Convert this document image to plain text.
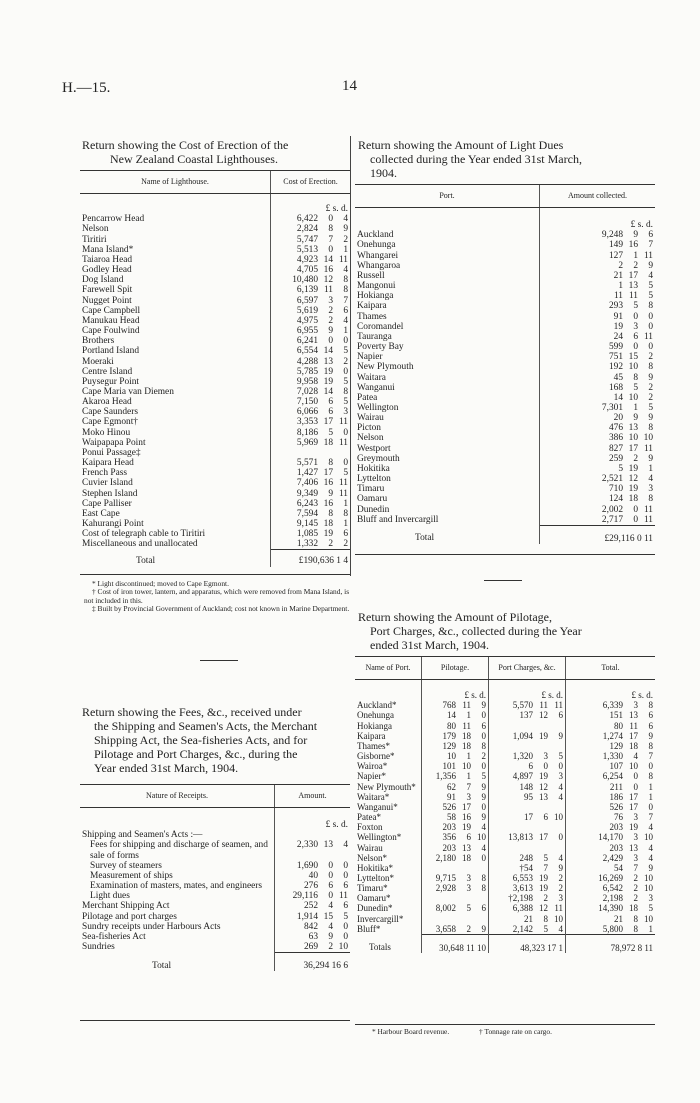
H.—15.	14
Return showing the Cost of Erection of the
New Zealand Coastal Lighthouses.
Name of Lighthouse.	Cost of Erection.
	£ s. d.
Pencarrow Head	6,422 0 4
Nelson	2,824 8 9
Tiritiri	5,747 7 2
Mana Island*	5,513 0 1
Taiaroa Head	4,923 14 11
Godley Head	4,705 16 4
Dog Island	10,480 12 8
Farewell Spit	6,139 11 8
Nugget Point	6,597 3 7
Cape Campbell	5,619 2 6
Manukau Head	4,975 2 4
Cape Foulwind	6,955 9 1
Brothers	6,241 0 0
Portland Island	6,554 14 5
Moeraki	4,288 13 2
Centre Island	5,785 19 0
Puysegur Point	9,958 19 5
Cape Maria van Diemen	7,028 14 8
Akaroa Head	7,150 6 5
Cape Saunders	6,066 6 3
Cape Egmont†	3,353 17 11
Moko Hinou	8,186 5 0
Waipapapa Point	5,969 18 11
Ponui Passage‡	
Kaipara Head	5,571 8 0
French Pass	1,427 17 5
Cuvier Island	7,406 16 11
Stephen Island	9,349 9 11
Cape Palliser	6,243 16 1
East Cape	7,594 8 8
Kahurangi Point	9,145 18 1
Cost of telegraph cable to Tiritiri	1,085 19 6
Miscellaneous and unallocated	1,332 2 2
Total	£190,636 1 4
* Light discontinued; moved to Cape Egmont.
† Cost of iron tower, lantern, and apparatus, which were removed from Mana Island, is not included in this.
‡ Built by Provincial Government of Auckland; cost not known in Marine Department.
Return showing the Amount of Light Dues
collected during the Year ended 31st March,
1904.
Port.	Amount collected.
	£ s. d.
Auckland	9,248 9 6
Onehunga	149 16 7
Whangarei	127 1 11
Whangaroa	2 2 9
Russell	21 17 4
Mangonui	1 13 5
Hokianga	11 11 5
Kaipara	293 5 8
Thames	91 0 0
Coromandel	19 3 0
Tauranga	24 6 11
Poverty Bay	599 0 0
Napier	751 15 2
New Plymouth	192 10 8
Waitara	45 8 9
Wanganui	168 5 2
Patea	14 10 2
Wellington	7,301 1 5
Wairau	20 9 9
Picton	476 13 8
Nelson	386 10 10
Westport	827 17 11
Greymouth	259 2 9
Hokitika	5 19 1
Lyttelton	2,521 12 4
Timaru	710 19 3
Oamaru	124 18 8
Dunedin	2,002 0 11
Bluff and Invercargill	2,717 0 11
Total	£29,116 0 11
Return showing the Fees, &c., received under
the Shipping and Seamen's Acts, the Merchant
Shipping Act, the Sea-fisheries Acts, and for
Pilotage and Port Charges, &c., during the
Year ended 31st March, 1904.
Nature of Receipts.	Amount.
	£ s. d.
Shipping and Seamen's Acts :—	
Fees for shipping and discharge of seamen, and sale of forms	2,330 13 4
Survey of steamers	1,690 0 0
Measurement of ships	40 0 0
Examination of masters, mates, and engineers	276 6 6
Light dues	29,116 0 11
Merchant Shipping Act	252 4 6
Pilotage and port charges	1,914 15 5
Sundry receipts under Harbours Acts	842 4 0
Sea-fisheries Act	63 9 0
Sundries	269 2 10
Total	36,294 16 6
Return showing the Amount of Pilotage,
Port Charges, &c., collected during the Year
ended 31st March, 1904.
Name of Port.	Pilotage.	Port Charges, &c.	Total.
	£ s. d.	£ s. d.	£ s. d.
Auckland*	768 11 9	5,570 11 11	6,339 3 8
Onehunga	14 1 0	137 12 6	151 13 6
Hokianga	80 11 6		80 11 6
Kaipara	179 18 0	1,094 19 9	1,274 17 9
Thames*	129 18 8		129 18 8
Gisborne*	10 1 2	1,320 3 5	1,330 4 7
Wairoa*	101 10 0	6 0 0	107 10 0
Napier*	1,356 1 5	4,897 19 3	6,254 0 8
New Plymouth*	62 7 9	148 12 4	211 0 1
Waitara*	91 3 9	95 13 4	186 17 1
Wanganui*	526 17 0		526 17 0
Patea*	58 16 9	17 6 10	76 3 7
Foxton	203 19 4		203 19 4
Wellington*	356 6 10	13,813 17 0	14,170 3 10
Wairau	203 13 4		203 13 4
Nelson*	2,180 18 0	248 5 4	2,429 3 4
Hokitika*		†54 7 9	54 7 9
Lyttelton*	9,715 3 8	6,553 19 2	16,269 2 10
Timaru*	2,928 3 8	3,613 19 2	6,542 2 10
Oamaru*		†2,198 2 3	2,198 2 3
Dunedin*	8,002 5 6	6,388 12 11	14,390 18 5
Invercargill*		21 8 10	21 8 10
Bluff*	3,658 2 9	2,142 5 4	5,800 8 1
Totals	30,648 11 10	48,323 17 1	78,972 8 11
* Harbour Board revenue.	† Tonnage rate on cargo.
